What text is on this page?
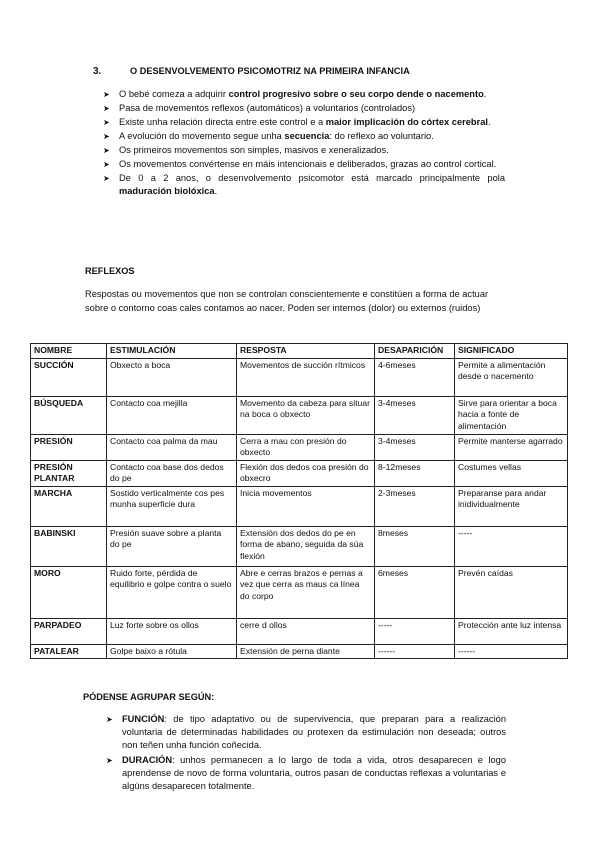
3.	O DESENVOLVEMENTO PSICOMOTRIZ NA PRIMEIRA INFANCIA
➤ O bebé comeza a adquirir control progresivo sobre o seu corpo dende o nacemento.
➤ Pasa de movementos reflexos (automáticos) a voluntarios (controlados)
➤ Existe unha relación directa entre este control e a maior implicación do córtex cerebral.
➤ A evolución do movemento segue unha secuencia: do reflexo ao voluntario.
➤ Os primeiros movementos son simples, masivos e xeneralizados.
➤ Os movementos convértense en máis intencionais e deliberados, grazas ao control cortical.
➤ De 0 a 2 anos, o desenvolvemento psicomotor está marcado principalmente pola maduración biolóxica.
REFLEXOS
Respostas ou movementos que non se controlan conscientemente e constitúen a forma de actuar sobre o contorno coas cales contamos ao nacer. Poden ser internos (dolor) ou externos (ruidos)
NOMBRE	ESTIMULACIÓN	RESPOSTA	DESAPARICIÓN	SIGNIFICADO
SUCCIÓN	Obxecto a boca	Movementos de succión rítmicos	4-6meses	Permite a alimentación desde o nacemento
BÚSQUEDA	Contacto coa mejilla	Movemento da cabeza para situar na boca o obxecto	3-4meses	Sirve para orientar a boca hacia a fonte de alimentación
PRESIÓN	Contacto coa palma da mau	Cerra a mau con presión do obxecto	3-4meses	Permite manterse agarrado
PRESIÓN PLANTAR	Contacto coa base dos dedos do pe	Flexión dos dedos coa presión do obxecro	8-12meses	Costumes vellas
MARCHA	Sostido verticalmente cos pes munha superficie dura	Inicia movementos	2-3meses	Preparanse para andar inidividualmente
BABINSKI	Presión suave sobre a planta do pe	Extensión dos dedos do pe en forma de abano, seguida da súa flexión	8meses	-----
MORO	Ruido forte, pérdida de equilibrio e golpe contra o suelo	Abre e cerras brazos e pernas a vez que cerra as maus ca línea do corpo	6meses	Prevén caídas
PARPADEO	Luz forte sobre os ollos	cerre d ollos	-----	Protección ante luz intensa
PATALEAR	Golpe baixo a rótula	Extensión de perna diante	------	------
PÓDENSE AGRUPAR SEGÚN:
➤ FUNCIÓN: de tipo adaptativo ou de supervivencia, que preparan para a realización voluntaria de determinadas habilidades ou protexen da estimulación non deseada; outros non teñen unha función coñecida.
➤ DURACIÓN: unhos permanecen a lo largo de toda a vida, otros desaparecen e logo aprendense de novo de forma voluntaria, outros pasan de conductas reflexas a voluntarias e algúns desaparecen totalmente.
